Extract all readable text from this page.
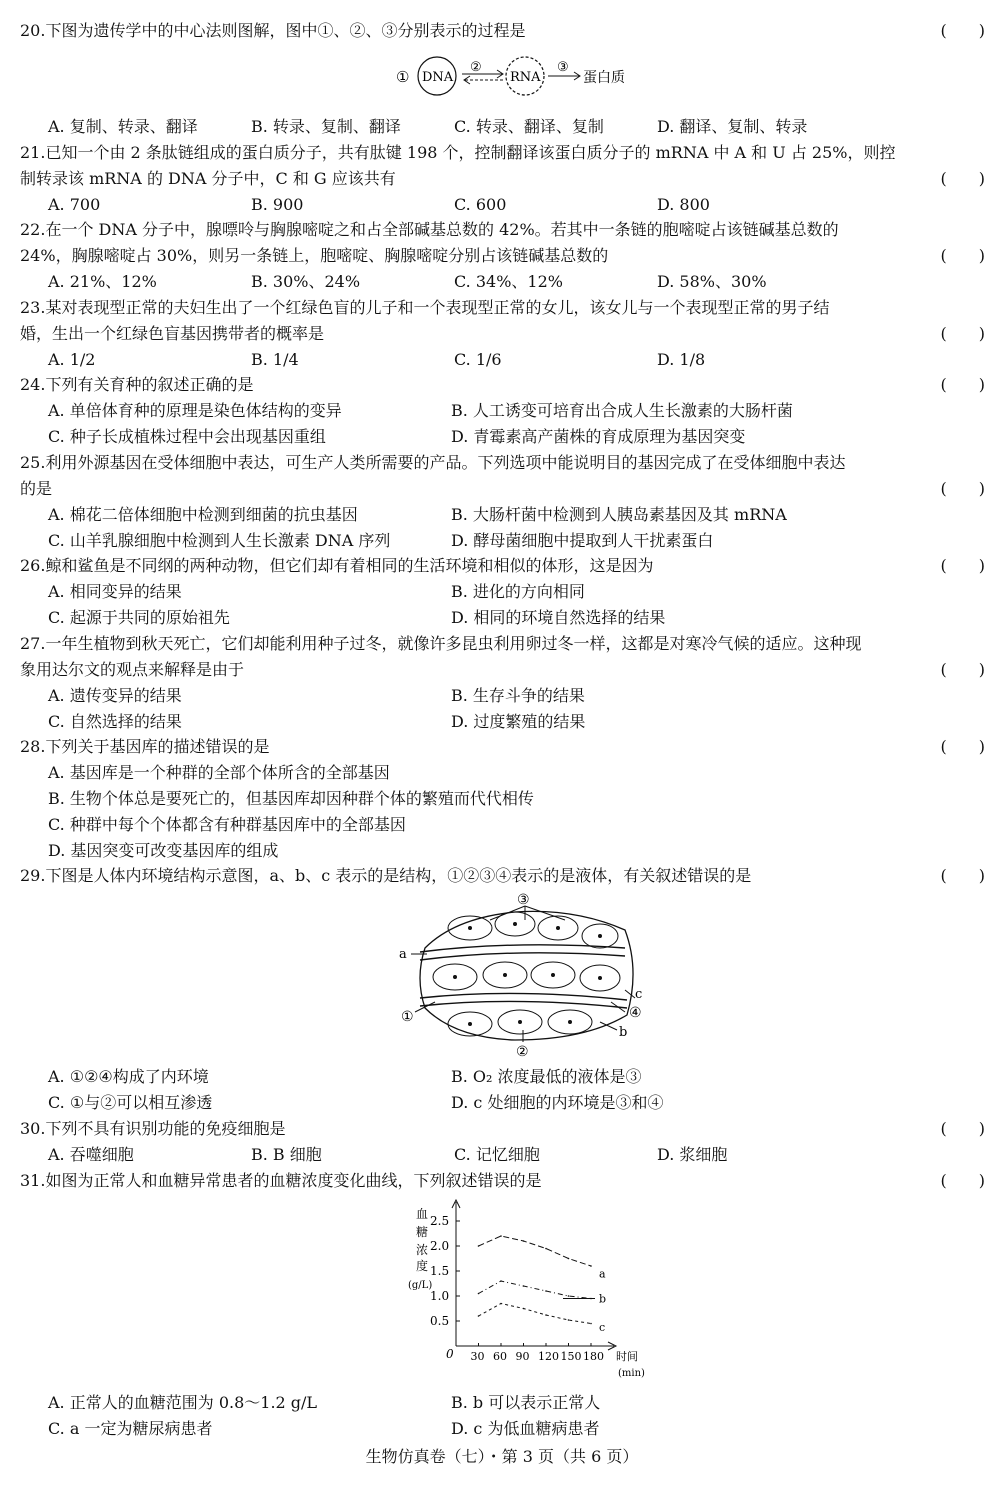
20.下图为遗传学中的中心法则图解，图中①、②、③分别表示的过程是	(　　)
① DNA
②
RNA
③
蛋白质
A. 复制、转录、翻译	B. 转录、复制、翻译	C. 转录、翻译、复制	D. 翻译、复制、转录
21.已知一个由 2 条肽链组成的蛋白质分子，共有肽键 198 个，控制翻译该蛋白质分子的 mRNA 中 A 和 U 占 25%，则控
制转录该 mRNA 的 DNA 分子中，C 和 G 应该共有	(　　)
A. 700	B. 900	C. 600	D. 800
22.在一个 DNA 分子中，腺嘌呤与胸腺嘧啶之和占全部碱基总数的 42%。若其中一条链的胞嘧啶占该链碱基总数的
24%，胸腺嘧啶占 30%，则另一条链上，胞嘧啶、胸腺嘧啶分别占该链碱基总数的	(　　)
A. 21%、12%	B. 30%、24%	C. 34%、12%	D. 58%、30%
23.某对表现型正常的夫妇生出了一个红绿色盲的儿子和一个表现型正常的女儿，该女儿与一个表现型正常的男子结
婚，生出一个红绿色盲基因携带者的概率是	(　　)
A. 1/2	B. 1/4	C. 1/6	D. 1/8
24.下列有关育种的叙述正确的是	(　　)
A. 单倍体育种的原理是染色体结构的变异	B. 人工诱变可培育出合成人生长激素的大肠杆菌
C. 种子长成植株过程中会出现基因重组	D. 青霉素高产菌株的育成原理为基因突变
25.利用外源基因在受体细胞中表达，可生产人类所需要的产品。下列选项中能说明目的基因完成了在受体细胞中表达
的是	(　　)
A. 棉花二倍体细胞中检测到细菌的抗虫基因	B. 大肠杆菌中检测到人胰岛素基因及其 mRNA
C. 山羊乳腺细胞中检测到人生长激素 DNA 序列	D. 酵母菌细胞中提取到人干扰素蛋白
26.鲸和鲨鱼是不同纲的两种动物，但它们却有着相同的生活环境和相似的体形，这是因为	(　　)
A. 相同变异的结果	B. 进化的方向相同
C. 起源于共同的原始祖先	D. 相同的环境自然选择的结果
27.一年生植物到秋天死亡，它们却能利用种子过冬，就像许多昆虫利用卵过冬一样，这都是对寒冷气候的适应。这种现
象用达尔文的观点来解释是由于	(　　)
A. 遗传变异的结果	B. 生存斗争的结果
C. 自然选择的结果	D. 过度繁殖的结果
28.下列关于基因库的描述错误的是	(　　)
A. 基因库是一个种群的全部个体所含的全部基因
B. 生物个体总是要死亡的，但基因库却因种群个体的繁殖而代代相传
C. 种群中每个个体都含有种群基因库中的全部基因
D. 基因突变可改变基因库的组成
29.下图是人体内环境结构示意图，a、b、c 表示的是结构，①②③④表示的是液体，有关叙述错误的是	(　　)
③
a
①	④
b
c
②
A. ①②④构成了内环境	B. O₂ 浓度最低的液体是③
C. ①与②可以相互渗透	D. c 处细胞的内环境是③和④
30.下列不具有识别功能的免疫细胞是	(　　)
A. 吞噬细胞	B. B 细胞	C. 记忆细胞	D. 浆细胞
31.如图为正常人和血糖异常患者的血糖浓度变化曲线，下列叙述错误的是	(　　)
0
0.5
1.0
1.5
2.0
2.5
30 60 90 120 150 180 时间
(min)
血
糖
浓
度
(g/L)
a
b
c
A. 正常人的血糖范围为 0.8～1.2 g/L	B. b 可以表示正常人
C. a 一定为糖尿病患者	D. c 为低血糖病患者
生物仿真卷（七）・第 3 页（共 6 页）
